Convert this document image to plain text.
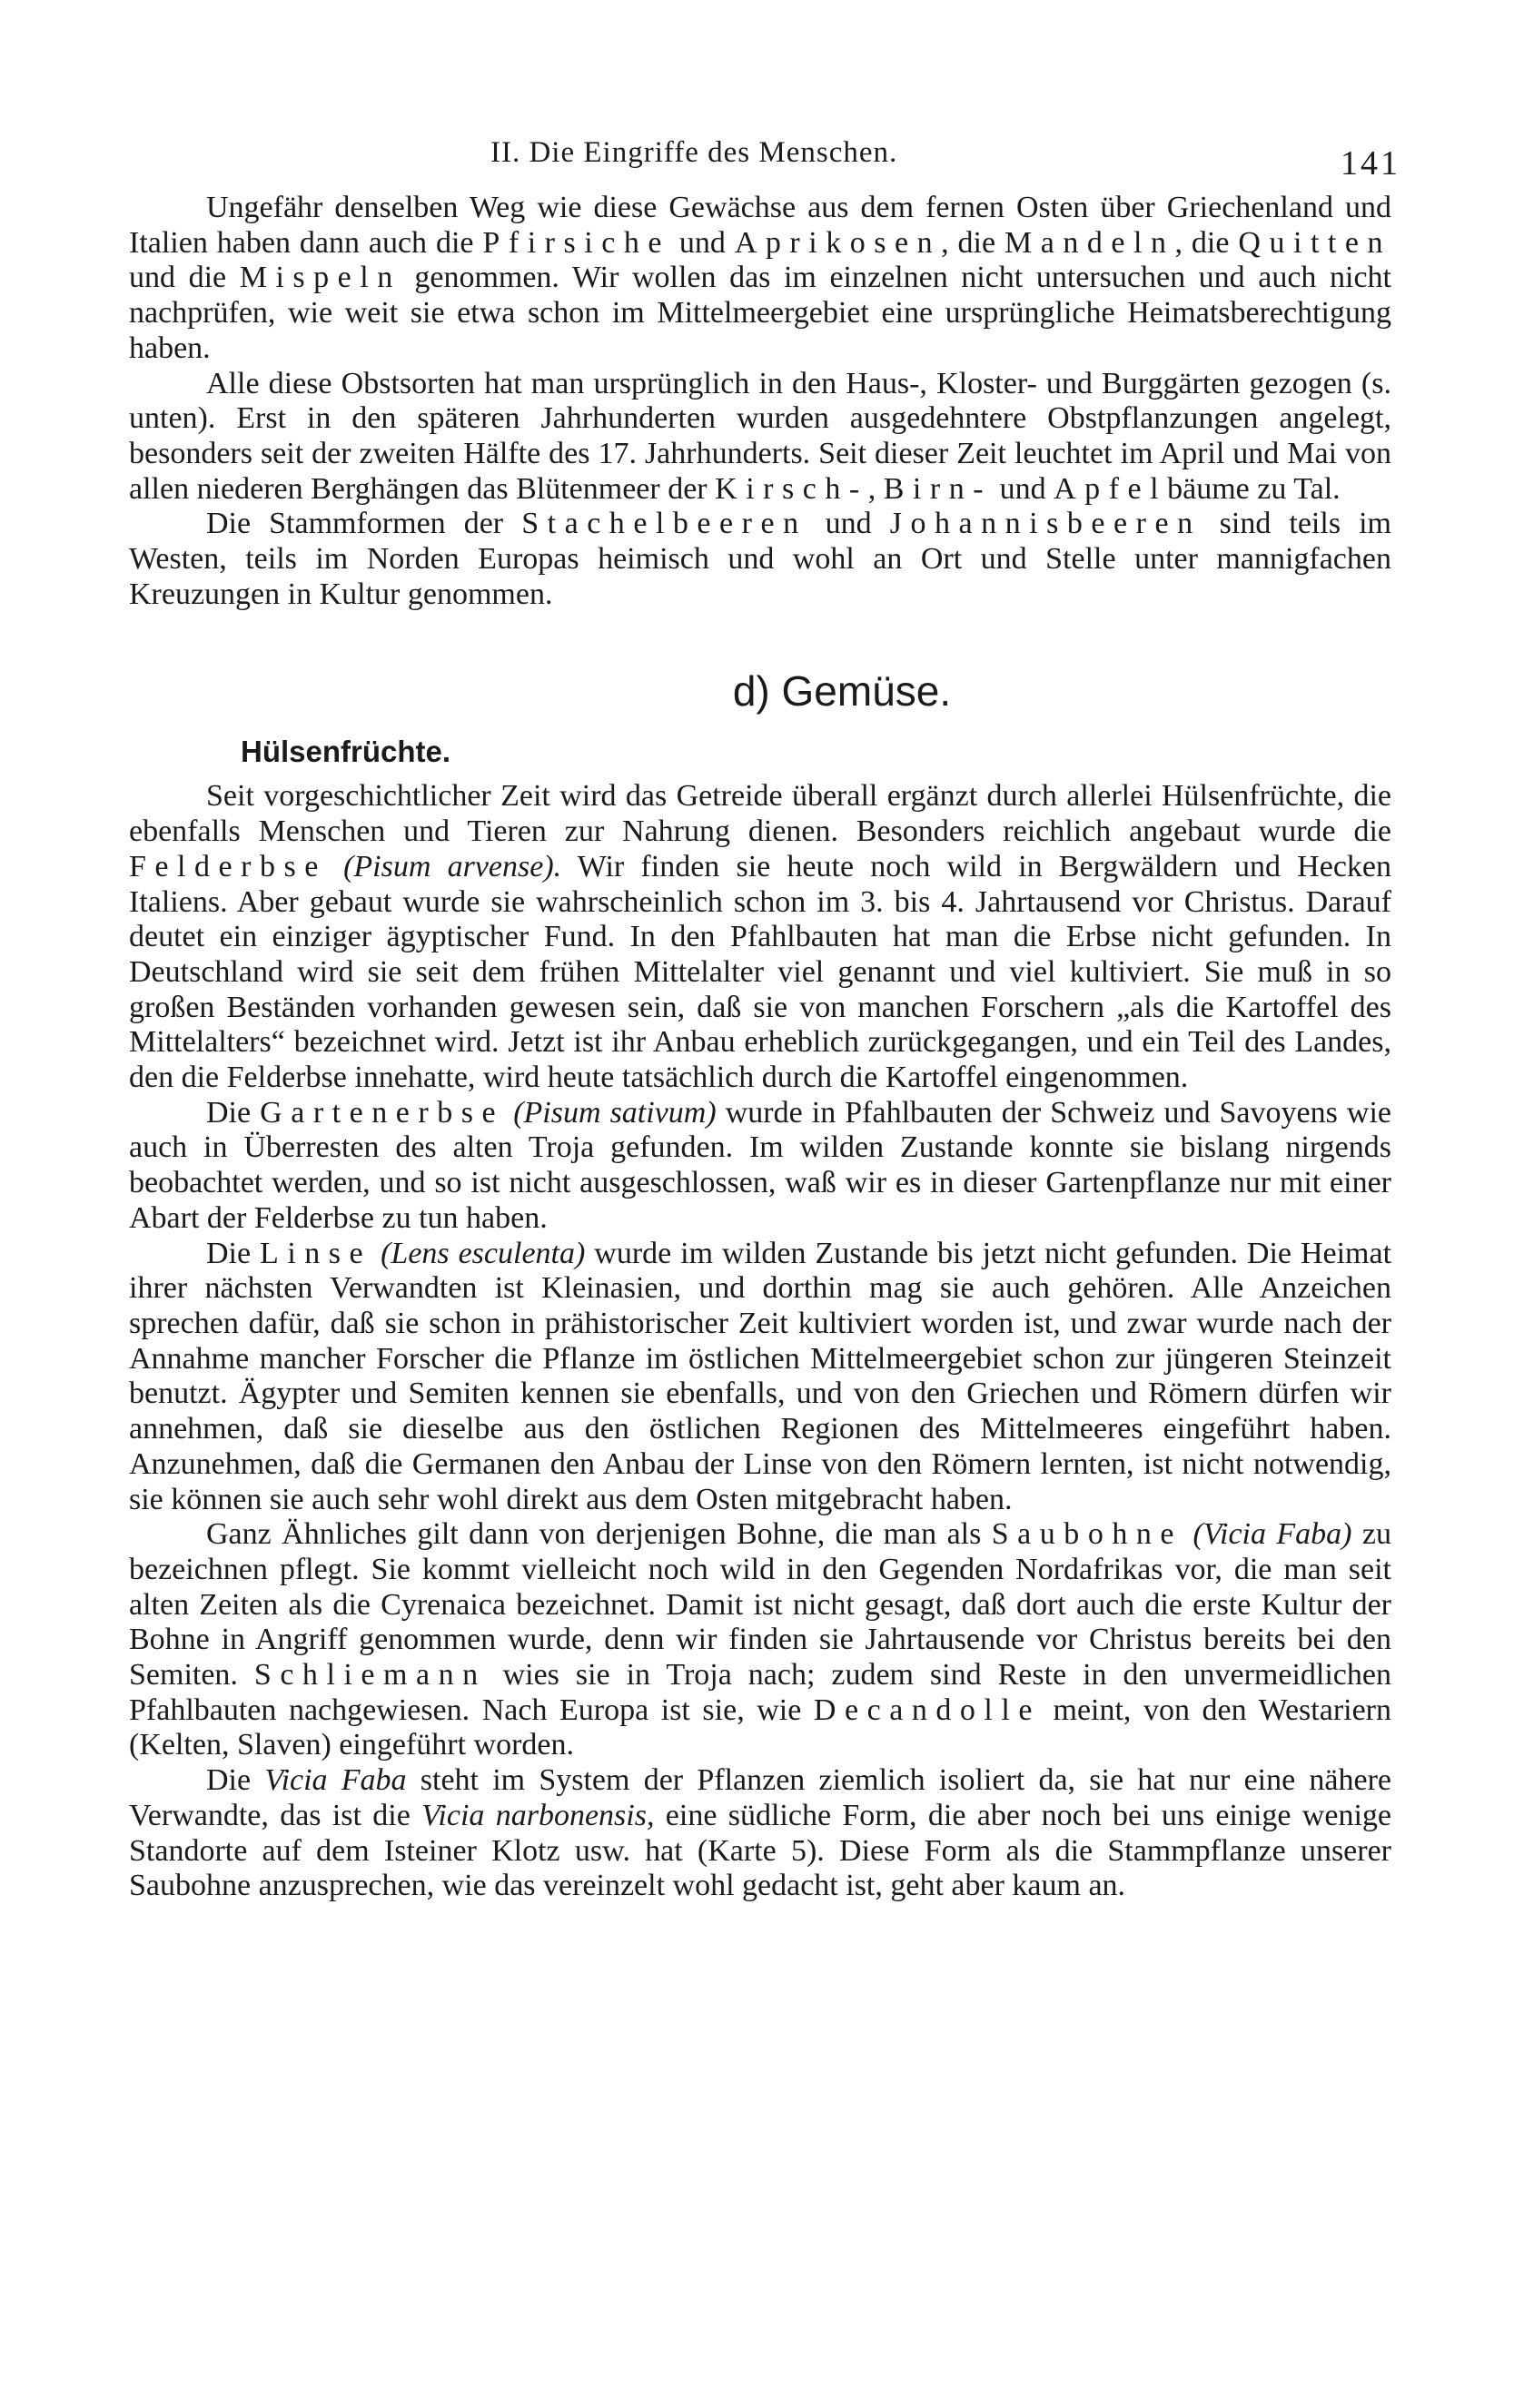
II. Die Eingriffe des Menschen.	141

Ungefähr denselben Weg wie diese Gewächse aus dem fernen Osten über Griechenland und Italien haben dann auch die Pfirsiche und Aprikosen, die Mandeln, die Quitten und die Mispeln genommen. Wir wollen das im einzelnen nicht untersuchen und auch nicht nachprüfen, wie weit sie etwa schon im Mittelmeergebiet eine ursprüngliche Heimatsberechtigung haben.

Alle diese Obstsorten hat man ursprünglich in den Haus-, Kloster- und Burggärten gezogen (s. unten). Erst in den späteren Jahrhunderten wurden ausgedehntere Obstpflanzungen angelegt, besonders seit der zweiten Hälfte des 17. Jahrhunderts. Seit dieser Zeit leuchtet im April und Mai von allen niederen Berghängen das Blütenmeer der Kirsch-, Birn- und Apfelbäume zu Tal.

Die Stammformen der Stachelbeeren und Johannisbeeren sind teils im Westen, teils im Norden Europas heimisch und wohl an Ort und Stelle unter mannigfachen Kreuzungen in Kultur genommen.

d) Gemüse.
Hülsenfrüchte.

Seit vorgeschichtlicher Zeit wird das Getreide überall ergänzt durch allerlei Hülsenfrüchte, die ebenfalls Menschen und Tieren zur Nahrung dienen. Besonders reichlich angebaut wurde die Felderbse (Pisum arvense). Wir finden sie heute noch wild in Bergwäldern und Hecken Italiens. Aber gebaut wurde sie wahrscheinlich schon im 3. bis 4. Jahrtausend vor Christus. Darauf deutet ein einziger ägyptischer Fund. In den Pfahlbauten hat man die Erbse nicht gefunden. In Deutschland wird sie seit dem frühen Mittelalter viel genannt und viel kultiviert. Sie muß in so großen Beständen vorhanden gewesen sein, daß sie von manchen Forschern „als die Kartoffel des Mittelalters“ bezeichnet wird. Jetzt ist ihr Anbau erheblich zurückgegangen, und ein Teil des Landes, den die Felderbse innehatte, wird heute tatsächlich durch die Kartoffel eingenommen.

Die Gartenerbse (Pisum sativum) wurde in Pfahlbauten der Schweiz und Savoyens wie auch in Überresten des alten Troja gefunden. Im wilden Zustande konnte sie bislang nirgends beobachtet werden, und so ist nicht ausgeschlossen, waß wir es in dieser Gartenpflanze nur mit einer Abart der Felderbse zu tun haben.

Die Linse (Lens esculenta) wurde im wilden Zustande bis jetzt nicht gefunden. Die Heimat ihrer nächsten Verwandten ist Kleinasien, und dorthin mag sie auch gehören. Alle Anzeichen sprechen dafür, daß sie schon in prähistorischer Zeit kultiviert worden ist, und zwar wurde nach der Annahme mancher Forscher die Pflanze im östlichen Mittelmeergebiet schon zur jüngeren Steinzeit benutzt. Ägypter und Semiten kennen sie ebenfalls, und von den Griechen und Römern dürfen wir annehmen, daß sie dieselbe aus den östlichen Regionen des Mittelmeeres eingeführt haben. Anzunehmen, daß die Germanen den Anbau der Linse von den Römern lernten, ist nicht notwendig, sie können sie auch sehr wohl direkt aus dem Osten mitgebracht haben.

Ganz Ähnliches gilt dann von derjenigen Bohne, die man als Saubohne (Vicia Faba) zu bezeichnen pflegt. Sie kommt vielleicht noch wild in den Gegenden Nordafrikas vor, die man seit alten Zeiten als die Cyrenaica bezeichnet. Damit ist nicht gesagt, daß dort auch die erste Kultur der Bohne in Angriff genommen wurde, denn wir finden sie Jahrtausende vor Christus bereits bei den Semiten. Schliemann wies sie in Troja nach; zudem sind Reste in den unvermeidlichen Pfahlbauten nachgewiesen. Nach Europa ist sie, wie Decandolle meint, von den Westariern (Kelten, Slaven) eingeführt worden.

Die Vicia Faba steht im System der Pflanzen ziemlich isoliert da, sie hat nur eine nähere Verwandte, das ist die Vicia narbonensis, eine südliche Form, die aber noch bei uns einige wenige Standorte auf dem Isteiner Klotz usw. hat (Karte 5). Diese Form als die Stammpflanze unserer Saubohne anzusprechen, wie das vereinzelt wohl gedacht ist, geht aber kaum an.
